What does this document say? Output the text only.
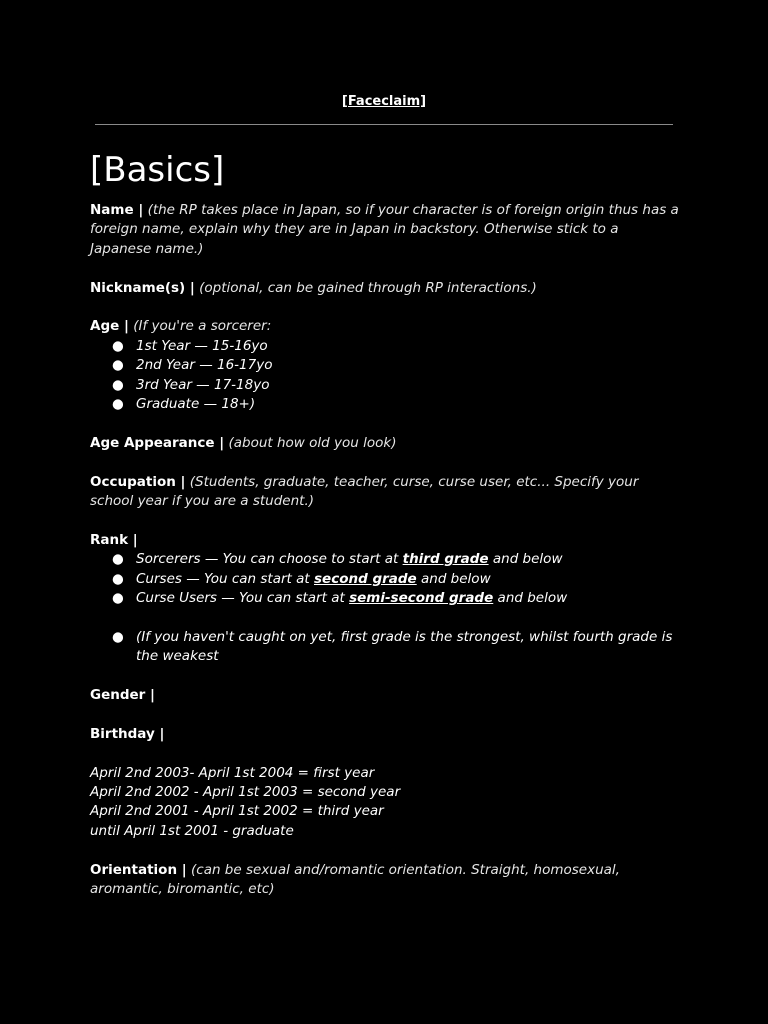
[Faceclaim]
[Basics]

Name | (the RP takes place in Japan, so if your character is of foreign origin thus has a foreign name, explain why they are in Japan in backstory. Otherwise stick to a Japanese name.)

Nickname(s) | (optional, can be gained through RP interactions.)

Age | (If you're a sorcerer:

● 1st Year — 15-16yo
● 2nd Year — 16-17yo
● 3rd Year — 17-18yo
● Graduate — 18+)

Age Appearance | (about how old you look)

Occupation | (Students, graduate, teacher, curse, curse user, etc... Specify your school year if you are a student.)

Rank |

● Sorcerers — You can choose to start at third grade and below
● Curses — You can start at second grade and below
● Curse Users — You can start at semi-second grade and below
● (If you haven't caught on yet, first grade is the strongest, whilst fourth grade is the weakest

Gender |

Birthday |

April 2nd 2003- April 1st 2004 = first year

April 2nd 2002 - April 1st 2003 = second year

April 2nd 2001 - April 1st 2002 = third year

until April 1st 2001 - graduate

Orientation | (can be sexual and/romantic orientation. Straight, homosexual, aromantic, biromantic, etc)
